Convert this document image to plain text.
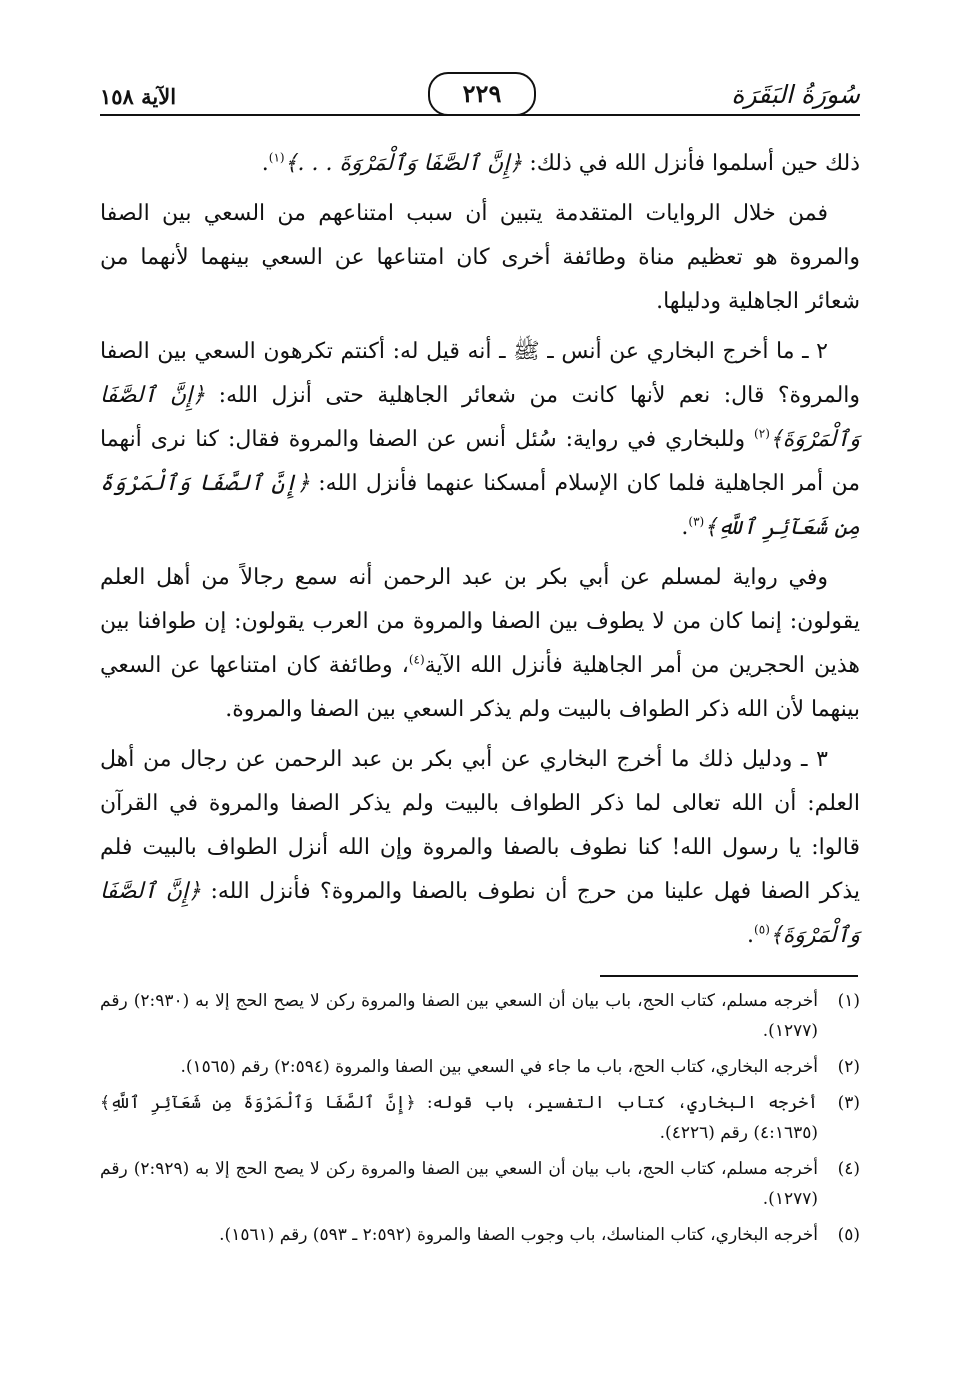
سُورَةُ البَقَرَة
٢٢٩
الآية ١٥٨

ذلك حين أسلموا فأنزل الله في ذلك: ﴿إِنَّ ٱلصَّفَا وَٱلْمَرْوَةَ . . .﴾$^{(١)}$.

فمن خلال الروايات المتقدمة يتبين أن سبب امتناعهم من السعي بين الصفا والمروة هو تعظيم مناة وطائفة أخرى كان امتناعها عن السعي بينهما لأنهما من شعائر الجاهلية ودليلها.

٢ ـ ما أخرج البخاري عن أنس ـ ﷺ ـ أنه قيل له: أكنتم تكرهون السعي بين الصفا والمروة؟ قال: نعم لأنها كانت من شعائر الجاهلية حتى أنزل الله: ﴿إِنَّ ٱلصَّفَا وَٱلْمَرْوَةَ﴾$^{(٢)}$ وللبخاري في رواية: سُئل أنس عن الصفا والمروة فقال: كنا نرى أنهما من أمر الجاهلية فلما كان الإسلام أمسكنا عنهما فأنزل الله: ﴿إِنَّ ٱلصَّفَا وَٱلْمَرْوَةَ مِن شَعَآئِرِ ٱللَّهِ﴾$^{(٣)}$.

وفي رواية لمسلم عن أبي بكر بن عبد الرحمن أنه سمع رجالاً من أهل العلم يقولون: إنما كان من لا يطوف بين الصفا والمروة من العرب يقولون: إن طوافنا بين هذين الحجرين من أمر الجاهلية فأنزل الله الآية$^{(٤)}$، وطائفة كان امتناعها عن السعي بينهما لأن الله ذكر الطواف بالبيت ولم يذكر السعي بين الصفا والمروة.

٣ ـ ودليل ذلك ما أخرج البخاري عن أبي بكر بن عبد الرحمن عن رجال من أهل العلم: أن الله تعالى لما ذكر الطواف بالبيت ولم يذكر الصفا والمروة في القرآن قالوا: يا رسول الله! كنا نطوف بالصفا والمروة وإن الله أنزل الطواف بالبيت فلم يذكر الصفا فهل علينا من حرج أن نطوف بالصفا والمروة؟ فأنزل الله: ﴿إِنَّ ٱلصَّفَا وَٱلْمَرْوَةَ﴾$^{(٥)}$.

(١)
أخرجه مسلم، كتاب الحج، باب بيان أن السعي بين الصفا والمروة ركن لا يصح الحج إلا به (٢:٩٣٠) رقم (١٢٧٧).
(٢)
أخرجه البخاري، كتاب الحج، باب ما جاء في السعي بين الصفا والمروة (٢:٥٩٤) رقم (١٥٦٥).
(٣)
أخرجه البخاري، كتاب التفسير، باب قوله: ﴿إِنَّ ٱلصَّفَا وَٱلْمَرْوَةَ مِن شَعَآئِرِ ٱللَّهِ﴾ (٤:١٦٣٥) رقم (٤٢٢٦).
(٤)
أخرجه مسلم، كتاب الحج، باب بيان أن السعي بين الصفا والمروة ركن لا يصح الحج إلا به (٢:٩٢٩) رقم (١٢٧٧).
(٥)
أخرجه البخاري، كتاب المناسك، باب وجوب الصفا والمروة (٢:٥٩٢ ـ ٥٩٣) رقم (١٥٦١).
